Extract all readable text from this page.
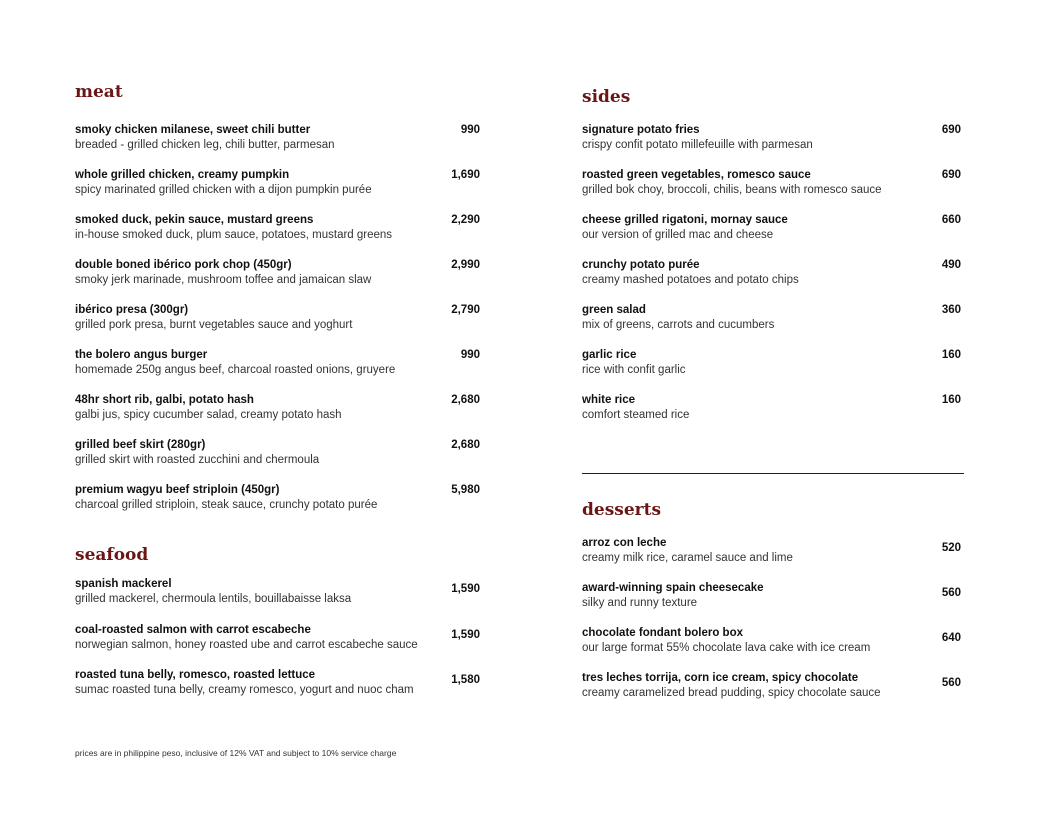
meat
smoky chicken milanese, sweet chili butter
breaded - grilled chicken leg, chili butter, parmesan
990
whole grilled chicken, creamy pumpkin
spicy marinated grilled chicken with a dijon pumpkin purée
1,690
smoked duck, pekin sauce, mustard greens
in-house smoked duck, plum sauce, potatoes, mustard greens
2,290
double boned ibérico pork chop (450gr)
smoky jerk marinade, mushroom toffee and jamaican slaw
2,990
ibérico presa (300gr)
grilled pork presa, burnt vegetables sauce and yoghurt
2,790
the bolero angus burger
homemade 250g angus beef, charcoal roasted onions, gruyere
990
48hr short rib, galbi, potato hash
galbi jus, spicy cucumber salad, creamy potato hash
2,680
grilled beef skirt (280gr)
grilled skirt with roasted zucchini and chermoula
2,680
premium wagyu beef striploin (450gr)
charcoal grilled striploin, steak sauce, crunchy potato purée
5,980
seafood
spanish mackerel
grilled mackerel, chermoula lentils, bouillabaisse laksa
1,590
coal-roasted salmon with carrot escabeche
norwegian salmon, honey roasted ube and carrot escabeche sauce
1,590
roasted tuna belly, romesco, roasted lettuce
sumac roasted tuna belly, creamy romesco, yogurt and nuoc cham
1,580
sides
signature potato fries
crispy confit potato millefeuille with parmesan
690
roasted green vegetables, romesco sauce
grilled bok choy, broccoli, chilis, beans with romesco sauce
690
cheese grilled rigatoni, mornay sauce
our version of grilled mac and cheese
660
crunchy potato purée
creamy mashed potatoes and potato chips
490
green salad
mix of greens, carrots and cucumbers
360
garlic rice
rice with confit garlic
160
white rice
comfort steamed rice
160
desserts
arroz con leche
creamy milk rice, caramel sauce and lime
520
award-winning spain cheesecake
silky and runny texture
560
chocolate fondant bolero box
our large format 55% chocolate lava cake with ice cream
640
tres leches torrija, corn ice cream, spicy chocolate
creamy caramelized bread pudding, spicy chocolate sauce
560
prices are in philippine peso, inclusive of 12% VAT and subject to 10% service charge
